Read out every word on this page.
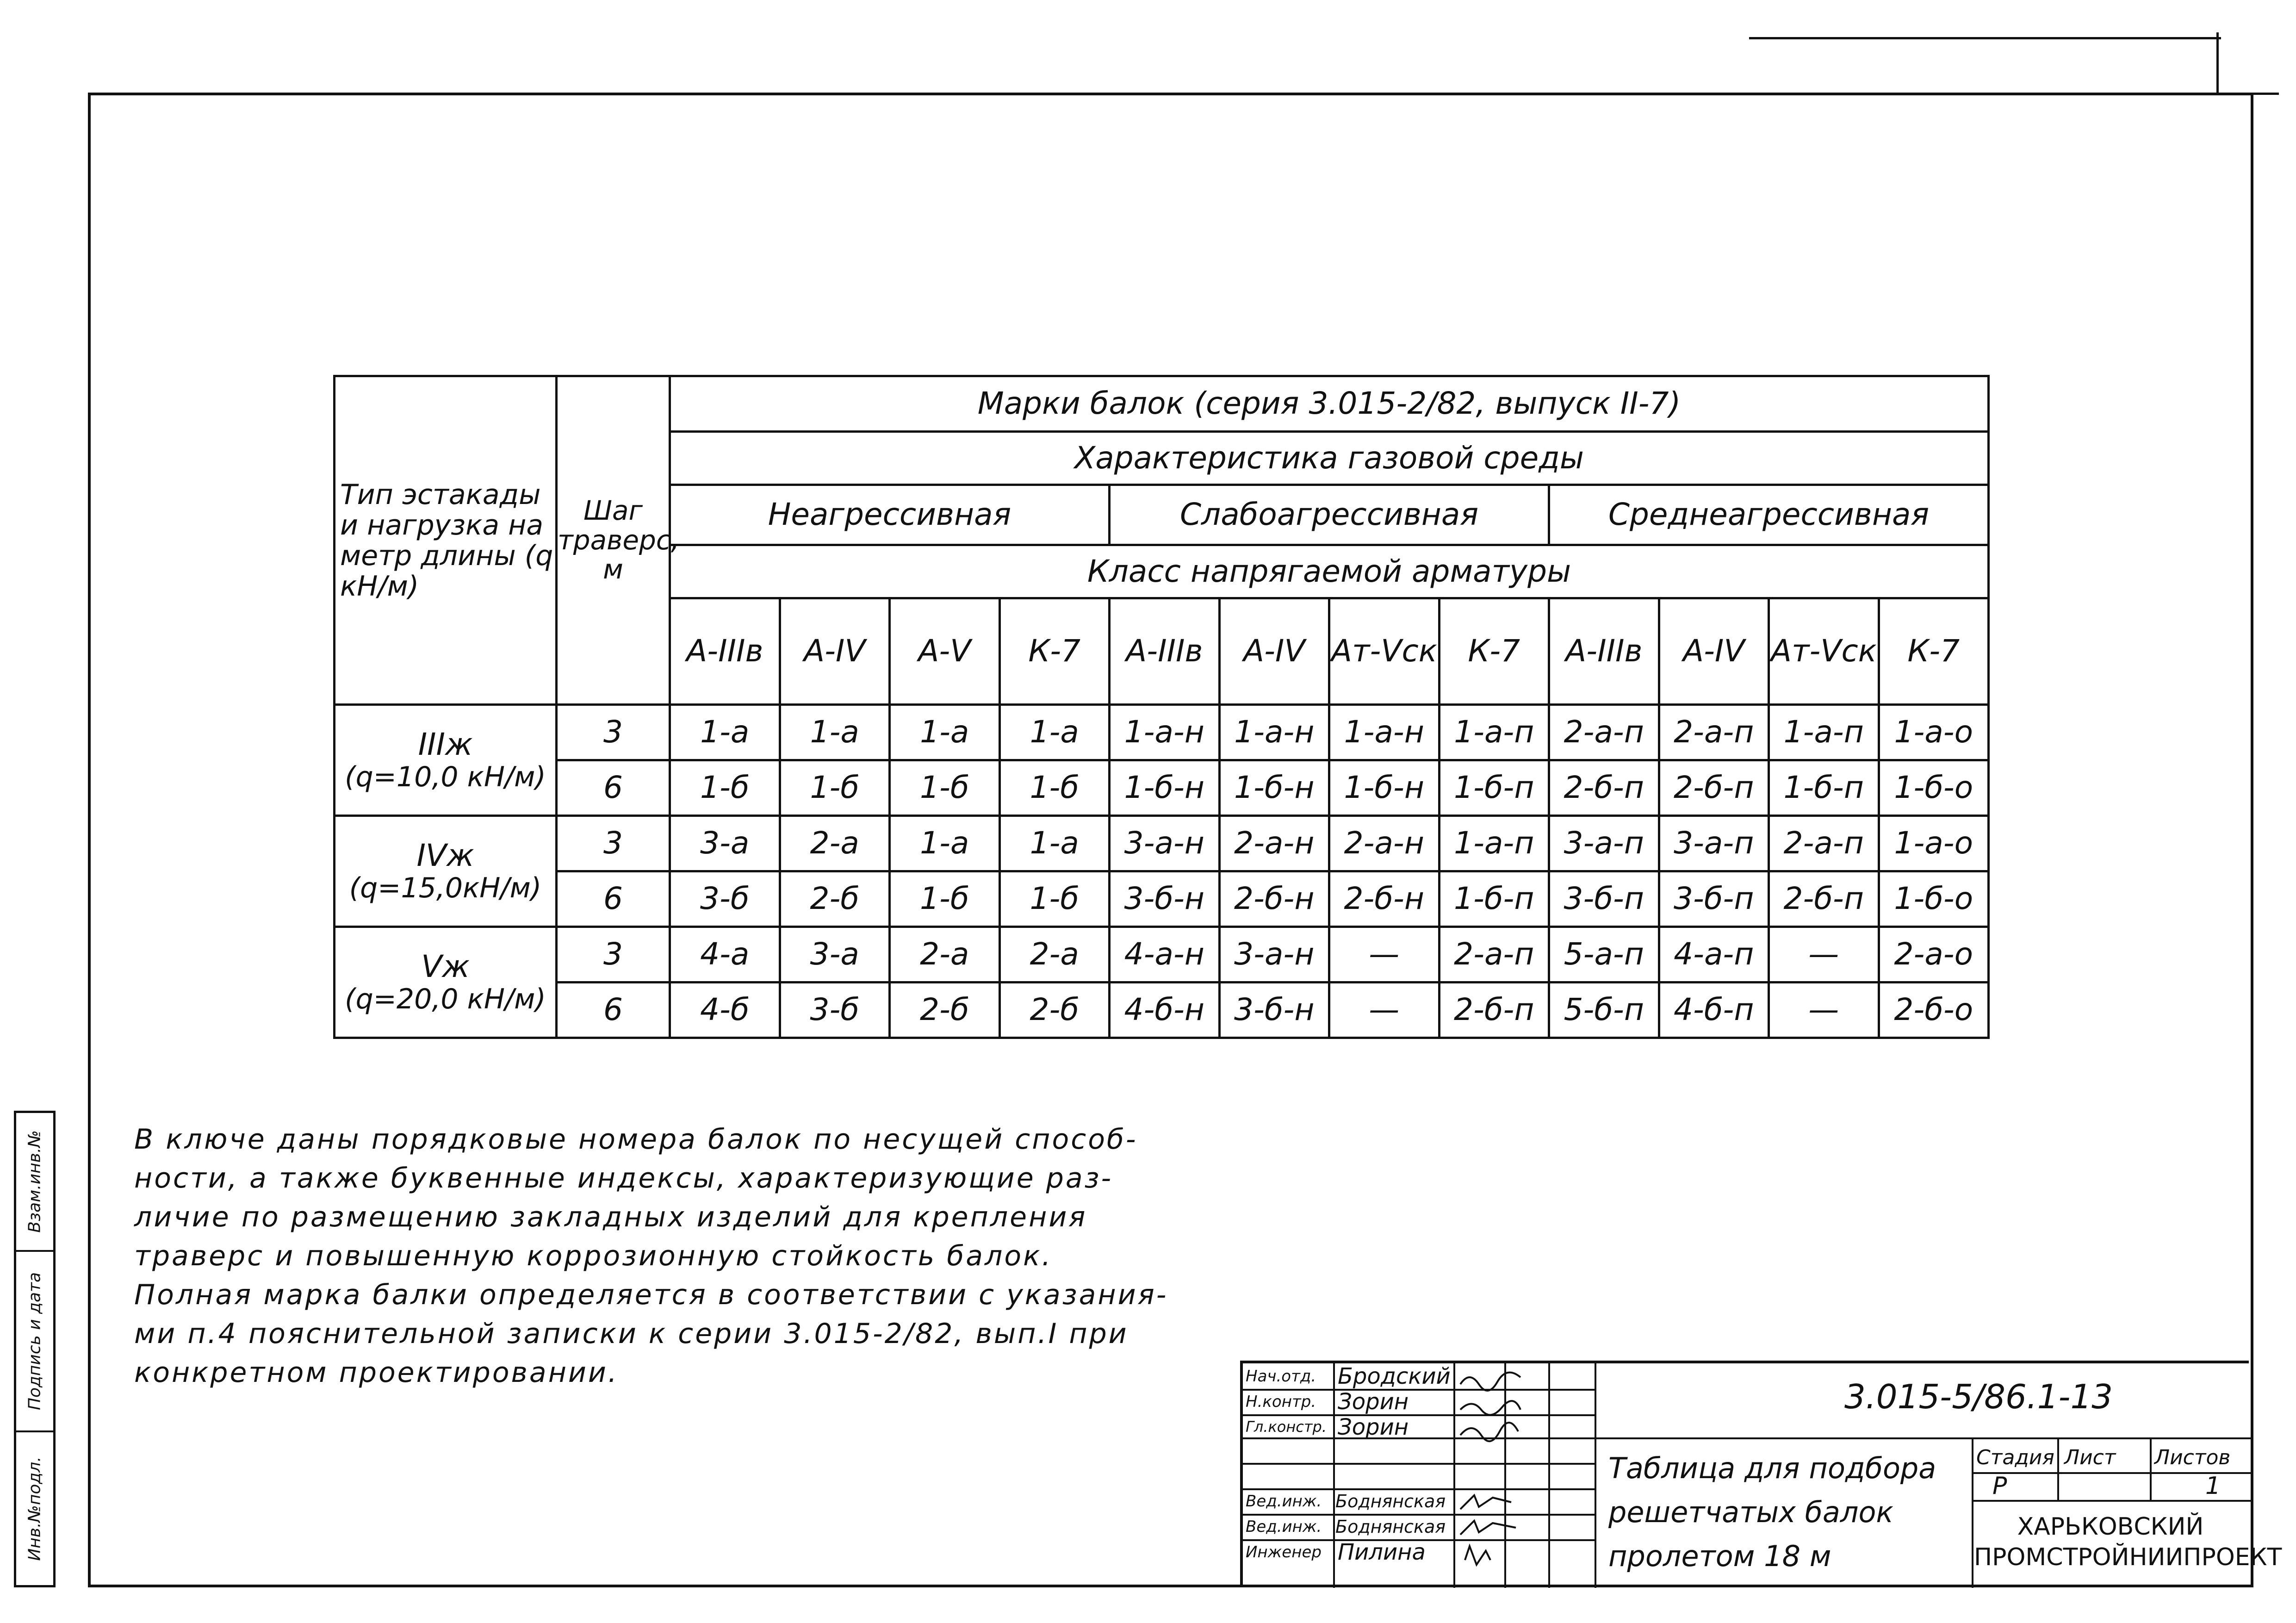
Взам.инв.№
Подпись и дата
Инв.№подл.
Тип эстакады и нагрузка на метр длины (q кН/м)	Шаг траверс, м	Марки балок (серия 3.015-2/82, выпуск II-7)											
		Характеристика газовой среды											
		Неагрессивная				Слабоагрессивная				Среднеагрессивная			
		Класс напрягаемой арматуры											
		А-IIIв	А-IV	А-V	К-7	А-IIIв	А-IV	Ат-Vск	К-7	А-IIIв	А-IV	Ат-Vск	К-7

IIIж
(q=10,0 кН/м)	3	1-а	1-а	1-а	1-а	1-а-н	1-а-н	1-а-н	1-а-п	2-а-п	2-а-п	1-а-п	1-а-о
	6	1-б	1-б	1-б	1-б	1-б-н	1-б-н	1-б-н	1-б-п	2-б-п	2-б-п	1-б-п	1-б-о

IVж
(q=15,0кН/м)	3	3-а	2-а	1-а	1-а	3-а-н	2-а-н	2-а-н	1-а-п	3-а-п	3-а-п	2-а-п	1-а-о
	6	3-б	2-б	1-б	1-б	3-б-н	2-б-н	2-б-н	1-б-п	3-б-п	3-б-п	2-б-п	1-б-о

Vж
(q=20,0 кН/м)	3	4-а	3-а	2-а	2-а	4-а-н	3-а-н	—	2-а-п	5-а-п	4-а-п	—	2-а-о
	6	4-б	3-б	2-б	2-б	4-б-н	3-б-н	—	2-б-п	5-б-п	4-б-п	—	2-б-о
В ключе даны порядковые номера балок по несущей способ-
ности, а также буквенные индексы, характеризующие раз-
личие по размещению закладных изделий для крепления
траверс и повышенную коррозионную стойкость балок.
Полная марка балки определяется в соответствии с указания-
ми п.4 пояснительной записки к серии 3.015-2/82, вып.I при
конкретном проектировании.	Нач.отд. Бродский
Н.контр. Зорин
Гл.констр. Зорин
Вед.инж. Боднянская
Вед.инж. Боднянская
Инженер Пилина
3.015-5/86.1-13
Таблица для подбора
решетчатых балок
пролетом 18 м
Стадия Лист Листов
Р	1
ХАРЬКОВСКИЙ ПРОМСТРОЙНИИПРОЕКТ
